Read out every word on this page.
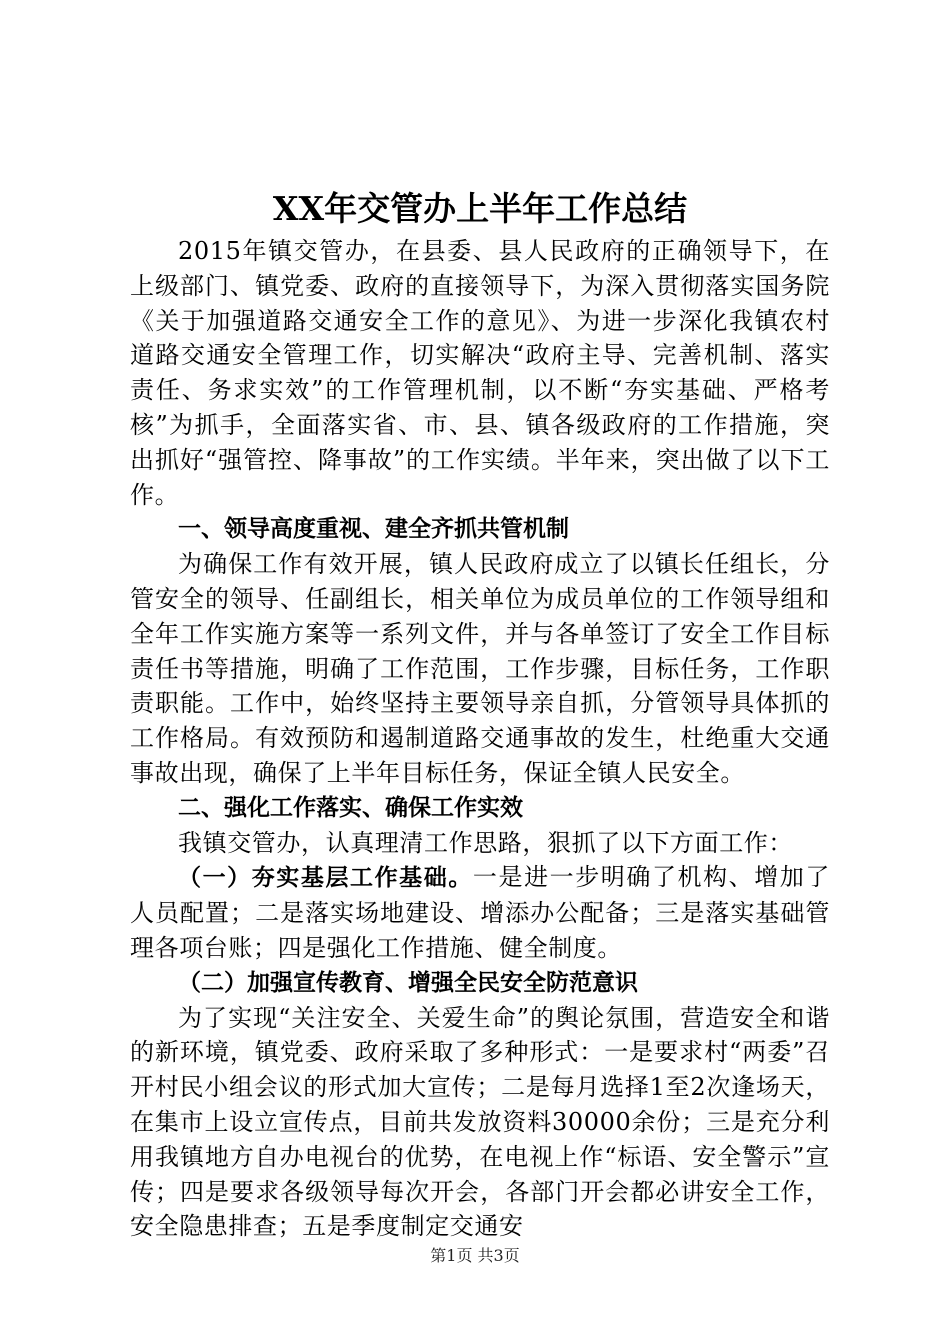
XX年交管办上半年工作总结

2015年镇交管办，在县委、县人民政府的正确领导下，在上级部门、镇党委、政府的直接领导下，为深入贯彻落实国务院《关于加强道路交通安全工作的意见》、为进一步深化我镇农村道路交通安全管理工作，切实解决“政府主导、完善机制、落实责任、务求实效”的工作管理机制，以不断“夯实基础、严格考核”为抓手，全面落实省、市、县、镇各级政府的工作措施，突出抓好“强管控、降事故”的工作实绩。半年来，突出做了以下工作。

一、领导高度重视、建全齐抓共管机制

为确保工作有效开展，镇人民政府成立了以镇长任组长，分管安全的领导、任副组长，相关单位为成员单位的工作领导组和全年工作实施方案等一系列文件，并与各单签订了安全工作目标责任书等措施，明确了工作范围，工作步骤，目标任务，工作职责职能。工作中，始终坚持主要领导亲自抓，分管领导具体抓的工作格局。有效预防和遏制道路交通事故的发生，杜绝重大交通事故出现，确保了上半年目标任务，保证全镇人民安全。

二、强化工作落实、确保工作实效

我镇交管办，认真理清工作思路，狠抓了以下方面工作：

（一）夯实基层工作基础。一是进一步明确了机构、增加了人员配置；二是落实场地建设、增添办公配备；三是落实基础管理各项台账；四是强化工作措施、健全制度。

（二）加强宣传教育、增强全民安全防范意识

为了实现“关注安全、关爱生命”的舆论氛围，营造安全和谐的新环境，镇党委、政府采取了多种形式：一是要求村“两委”召开村民小组会议的形式加大宣传；二是每月选择1至2次逢场天，在集市上设立宣传点，目前共发放资料30000余份；三是充分利用我镇地方自办电视台的优势，在电视上作“标语、安全警示”宣传；四是要求各级领导每次开会，各部门开会都必讲安全工作，安全隐患排查；五是季度制定交通安

第1页 共3页
